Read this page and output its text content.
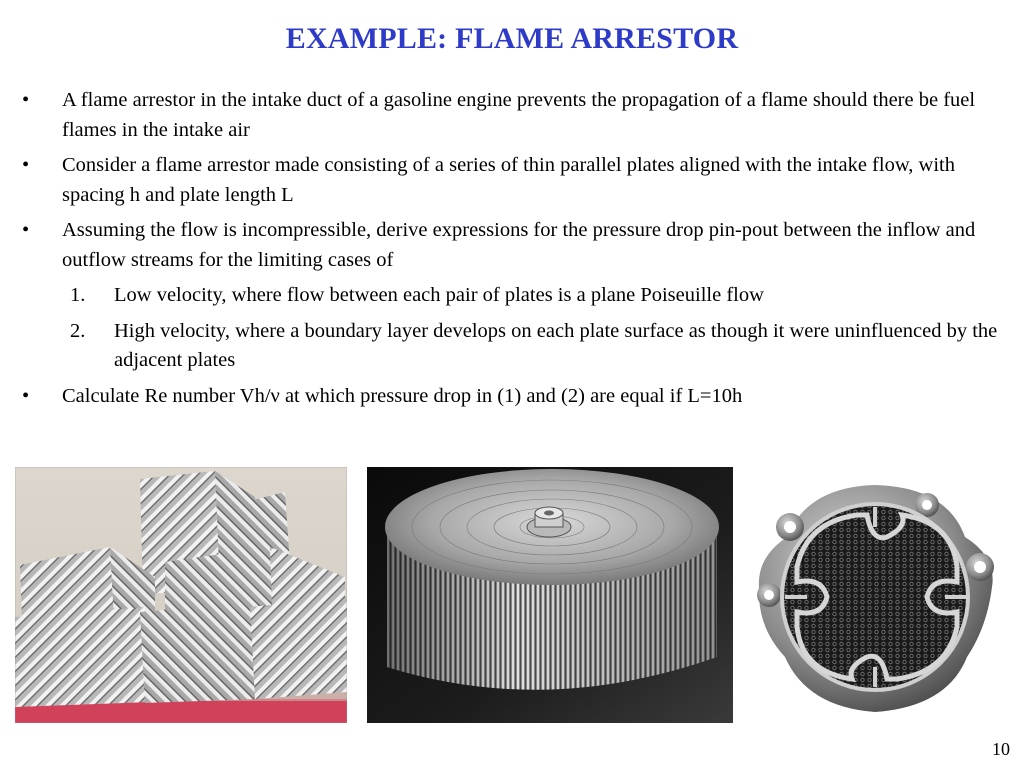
EXAMPLE: FLAME ARRESTOR
• A flame arrestor in the intake duct of a gasoline engine prevents the propagation of a flame should there be fuel flames in the intake air
• Consider a flame arrestor made consisting of a series of thin parallel plates aligned with the intake flow, with spacing h and plate length L
• Assuming the flow is incompressible, derive expressions for the pressure drop pin-pout between the inflow and outflow streams for the limiting cases of
1. Low velocity, where flow between each pair of plates is a plane Poiseuille flow
2. High velocity, where a boundary layer develops on each plate surface as though it were uninfluenced by the adjacent plates
• Calculate Re number Vh/ν at which pressure drop in (1) and (2) are equal if L=10h
10
